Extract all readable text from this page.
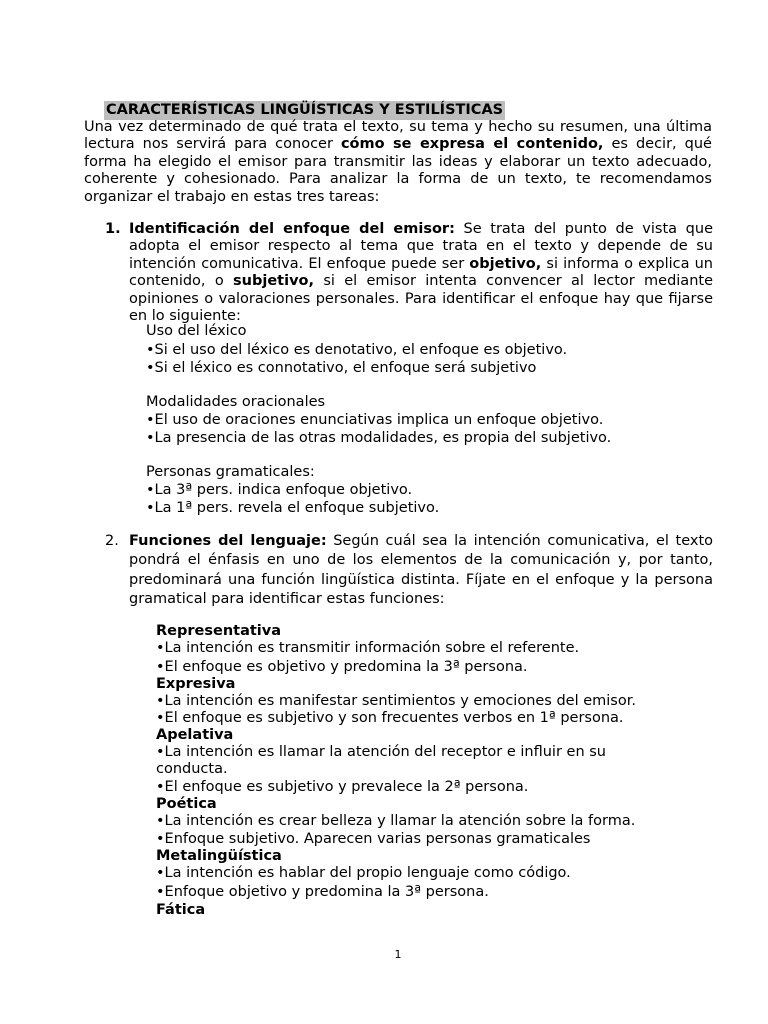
CARACTERÍSTICAS LINGÜÍSTICAS Y ESTILÍSTICAS

Una vez determinado de qué trata el texto, su tema y hecho su resumen, una última lectura nos servirá para conocer cómo se expresa el contenido, es decir, qué forma ha elegido el emisor para transmitir las ideas y elaborar un texto adecuado, coherente y cohesionado. Para analizar la forma de un texto, te recomendamos organizar el trabajo en estas tres tareas:

1. Identificación del enfoque del emisor: Se trata del punto de vista que adopta el emisor respecto al tema que trata en el texto y depende de su intención comunicativa. El enfoque puede ser objetivo, si informa o explica un contenido, o subjetivo, si el emisor intenta convencer al lector mediante opiniones o valoraciones personales. Para identificar el enfoque hay que fijarse en lo siguiente:

Uso del léxico

•Si el uso del léxico es denotativo, el enfoque es objetivo.

•Si el léxico es connotativo, el enfoque será subjetivo

Modalidades oracionales

•El uso de oraciones enunciativas implica un enfoque objetivo.

•La presencia de las otras modalidades, es propia del subjetivo.

Personas gramaticales:

•La 3ª pers. indica enfoque objetivo.

•La 1ª pers. revela el enfoque subjetivo.

2. Funciones del lenguaje: Según cuál sea la intención comunicativa, el texto pondrá el énfasis en uno de los elementos de la comunicación y, por tanto, predominará una función lingüística distinta. Fíjate en el enfoque y la persona gramatical para identificar estas funciones:

Representativa

•La intención es transmitir información sobre el referente.

•El enfoque es objetivo y predomina la 3ª persona.

Expresiva

•La intención es manifestar sentimientos y emociones del emisor.

•El enfoque es subjetivo y son frecuentes verbos en 1ª persona.

Apelativa

•La intención es llamar la atención del receptor e influir en su conducta.

•El enfoque es subjetivo y prevalece la 2ª persona.

Poética

•La intención es crear belleza y llamar la atención sobre la forma.

•Enfoque subjetivo. Aparecen varias personas gramaticales

Metalingüística

•La intención es hablar del propio lenguaje como código.

•Enfoque objetivo y predomina la 3ª persona.

Fática

1
